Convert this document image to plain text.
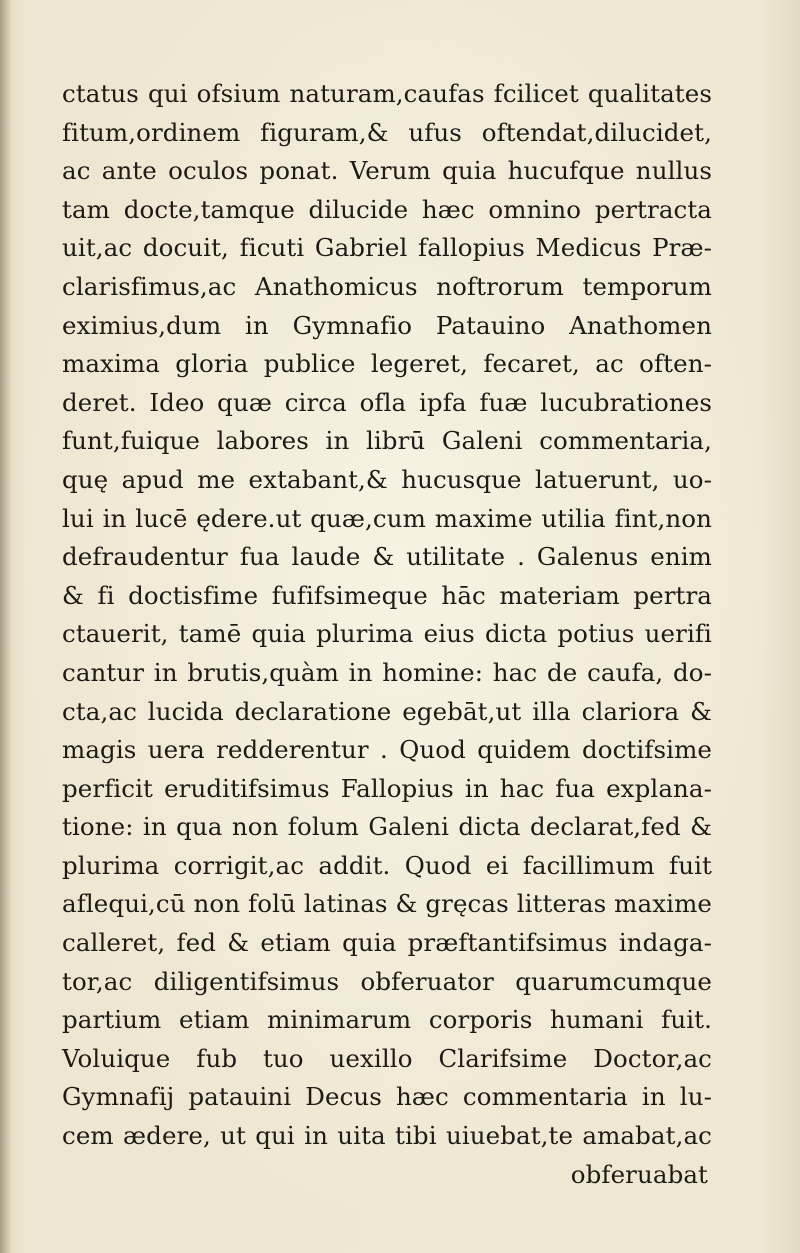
ctatus qui ofsium naturam,caufas fcilicet qualitates
fitum,ordinem figuram,& ufus oftendat,dilucidet,
ac ante oculos ponat. Verum quia hucufque nullus
tam docte,tamque dilucide hæc omnino pertracta
uit,ac docuit, ficuti Gabriel fallopius Medicus Præ-
clarisfimus,ac Anathomicus noftrorum temporum
eximius,dum in Gymnafio Patauino Anathomen
maxima gloria publice legeret, fecaret, ac often-
deret. Ideo quæ circa ofla ipfa fuæ lucubrationes
funt,fuique labores in librū Galeni commentaria,
quę apud me extabant,& hucusque latuerunt, uo-
lui in lucē ędere.ut quæ,cum maxime utilia fint,non
defraudentur fua laude & utilitate . Galenus enim
& fi doctisfime fufifsimeque hāc materiam pertra
ctauerit, tamē quia plurima eius dicta potius uerifi
cantur in brutis,quàm in homine: hac de caufa, do-
cta,ac lucida declaratione egebāt,ut illa clariora &
magis uera redderentur . Quod quidem doctifsime
perficit eruditifsimus Fallopius in hac fua explana-
tione: in qua non folum Galeni dicta declarat,fed &
plurima corrigit,ac addit. Quod ei facillimum fuit
aflequi,cū non folū latinas & gręcas litteras maxime
calleret, fed & etiam quia præftantifsimus indaga-
tor,ac diligentifsimus obferuator quarumcumque
partium etiam minimarum corporis humani fuit.
Voluique fub tuo uexillo Clarifsime Doctor,ac
Gymnafij patauini Decus hæc commentaria in lu-
cem ædere, ut qui in uita tibi uiuebat,te amabat,ac
obferuabat
